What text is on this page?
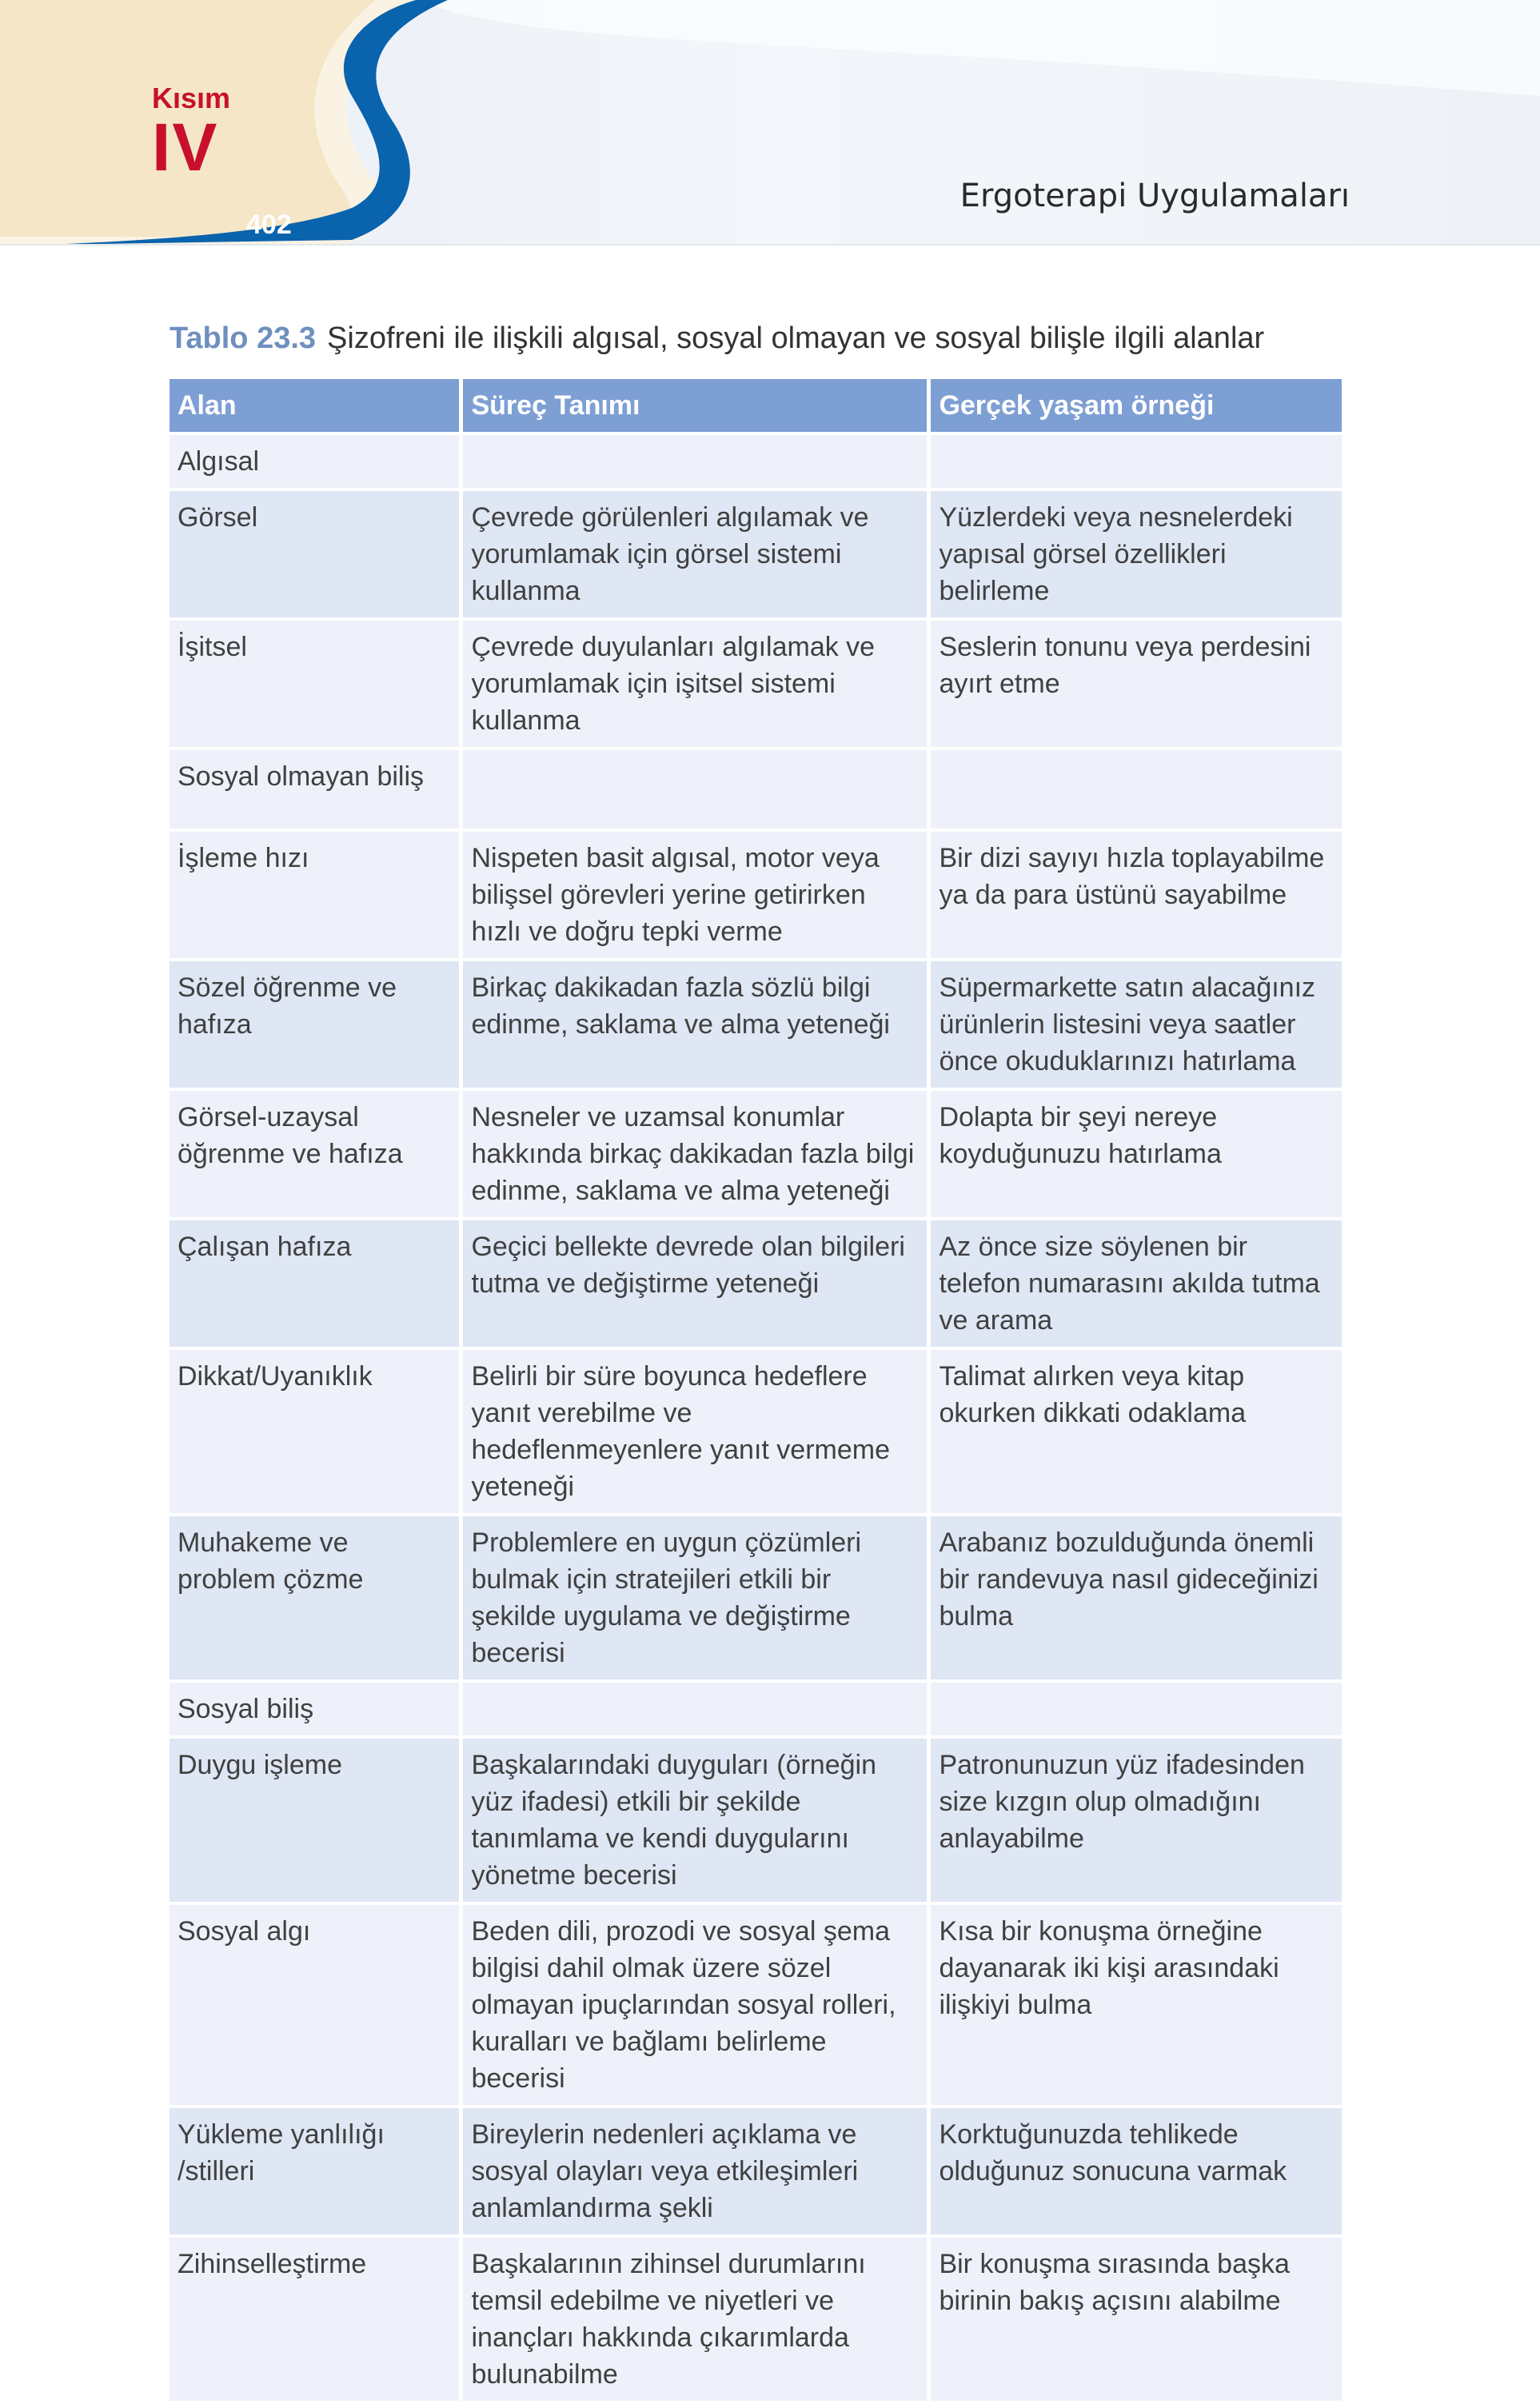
Kısım
IV
402
Ergoterapi Uygulamaları
Tablo 23.3 Şizofreni ile ilişkili algısal, sosyal olmayan ve sosyal bilişle ilgili alanlar
Alan	Süreç Tanımı	Gerçek yaşam örneği
Algısal		
Görsel	Çevrede görülenleri algılamak ve yorumlamak için görsel sistemi kullanma	Yüzlerdeki veya nesnelerdeki yapısal görsel özellikleri belirleme
İşitsel	Çevrede duyulanları algılamak ve yorumlamak için işitsel sistemi kullanma	Seslerin tonunu veya perdesini ayırt etme
Sosyal olmayan biliş		
İşleme hızı	Nispeten basit algısal, motor veya bilişsel görevleri yerine getirirken hızlı ve doğru tepki verme	Bir dizi sayıyı hızla toplayabilme ya da para üstünü sayabilme
Sözel öğrenme ve hafıza	Birkaç dakikadan fazla sözlü bilgi edinme, saklama ve alma yeteneği	Süpermarkette satın alacağınız ürünlerin listesini veya saatler önce okuduklarınızı hatırlama
Görsel-uzaysal öğrenme ve hafıza	Nesneler ve uzamsal konumlar hakkında birkaç dakikadan fazla bilgi edinme, saklama ve alma yeteneği	Dolapta bir şeyi nereye koyduğunuzu hatırlama
Çalışan hafıza	Geçici bellekte devrede olan bilgileri tutma ve değiştirme yeteneği	Az önce size söylenen bir telefon numarasını akılda tutma ve arama
Dikkat/Uyanıklık	Belirli bir süre boyunca hedeflere yanıt verebilme ve hedeflenmeyenlere yanıt vermeme yeteneği	Talimat alırken veya kitap okurken dikkati odaklama
Muhakeme ve problem çözme	Problemlere en uygun çözümleri bulmak için stratejileri etkili bir şekilde uygulama ve değiştirme becerisi	Arabanız bozulduğunda önemli bir randevuya nasıl gideceğinizi bulma
Sosyal biliş		
Duygu işleme	Başkalarındaki duyguları (örneğin yüz ifadesi) etkili bir şekilde tanımlama ve kendi duygularını yönetme becerisi	Patronunuzun yüz ifadesinden size kızgın olup olmadığını anlayabilme
Sosyal algı	Beden dili, prozodi ve sosyal şema bilgisi dahil olmak üzere sözel olmayan ipuçlarından sosyal rolleri, kuralları ve bağlamı belirleme becerisi	Kısa bir konuşma örneğine dayanarak iki kişi arasındaki ilişkiyi bulma
Yükleme yanlılığı /stilleri	Bireylerin nedenleri açıklama ve sosyal olayları veya etkileşimleri anlamlandırma şekli	Korktuğunuzda tehlikede olduğunuz sonucuna varmak
Zihinselleştirme	Başkalarının zihinsel durumlarını temsil edebilme ve niyetleri ve inançları hakkında çıkarımlarda bulunabilme	Bir konuşma sırasında başka birinin bakış açısını alabilme
